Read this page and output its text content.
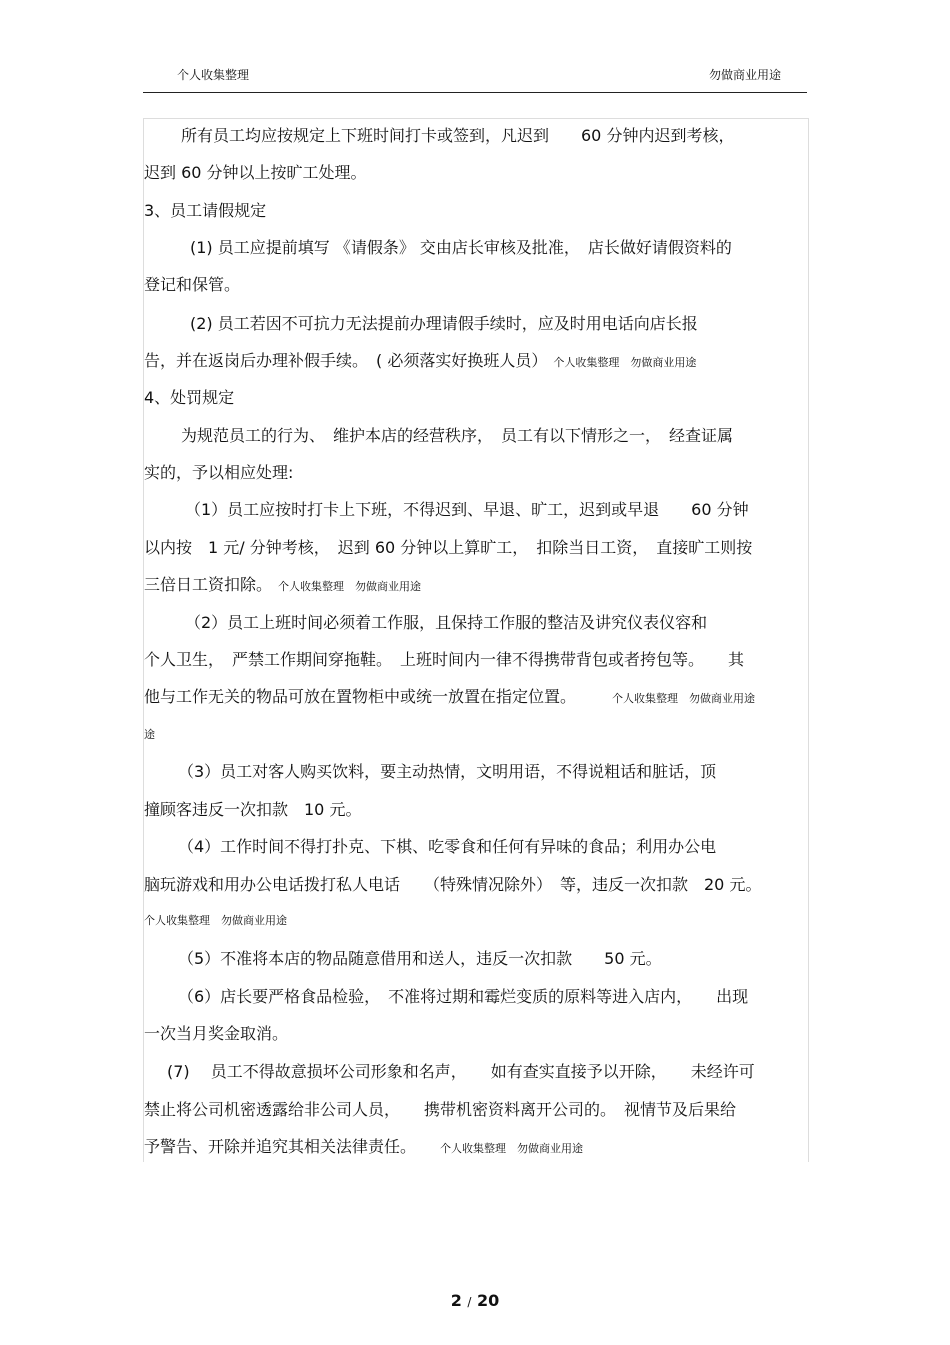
个人收集整理	勿做商业用途
所有员工均应按规定上下班时间打卡或签到，凡迟到　　60 分钟内迟到考核，
迟到 60 分钟以上按旷工处理。
3、员工请假规定
(1) 员工应提前填写 《请假条》 交由店长审核及批准，　店长做好请假资料的
登记和保管。
(2) 员工若因不可抗力无法提前办理请假手续时，应及时用电话向店长报
告，并在返岗后办理补假手续。　( 必须落实好换班人员） 个人收集整理　勿做商业用途
4、处罚规定
为规范员工的行为、　维护本店的经营秩序，　员工有以下情形之一，　经查证属
实的，予以相应处理:
（1）员工应按时打卡上下班，不得迟到、早退、旷工，迟到或早退　　60 分钟
以内按　1 元/ 分钟考核，　迟到 60 分钟以上算旷工，　扣除当日工资，　直接旷工则按
三倍日工资扣除。 个人收集整理　勿做商业用途
（2）员工上班时间必须着工作服，且保持工作服的整洁及讲究仪表仪容和
个人卫生，　严禁工作期间穿拖鞋。　上班时间内一律不得携带背包或者挎包等。　　其
他与工作无关的物品可放在置物柜中或统一放置在指定位置。	个人收集整理　勿做商业用途
途
（3）员工对客人购买饮料，要主动热情，文明用语，不得说粗话和脏话，顶
撞顾客违反一次扣款　10 元。
（4）工作时间不得打扑克、下棋、吃零食和任何有异味的食品；利用办公电
脑玩游戏和用办公电话拨打私人电话　　（特殊情况除外）　等，违反一次扣款　20 元。
个人收集整理　勿做商业用途
（5）不准将本店的物品随意借用和送人，违反一次扣款　　50 元。
（6）店长要严格食品检验，　不准将过期和霉烂变质的原料等进入店内，　　出现
一次当月奖金取消。
(7)　 员工不得故意损坏公司形象和名声，　　如有查实直接予以开除，　　未经许可
禁止将公司机密透露给非公司人员，　　携带机密资料离开公司的。　视情节及后果给
予警告、开除并追究其相关法律责任。 个人收集整理　勿做商业用途
2 / 20
